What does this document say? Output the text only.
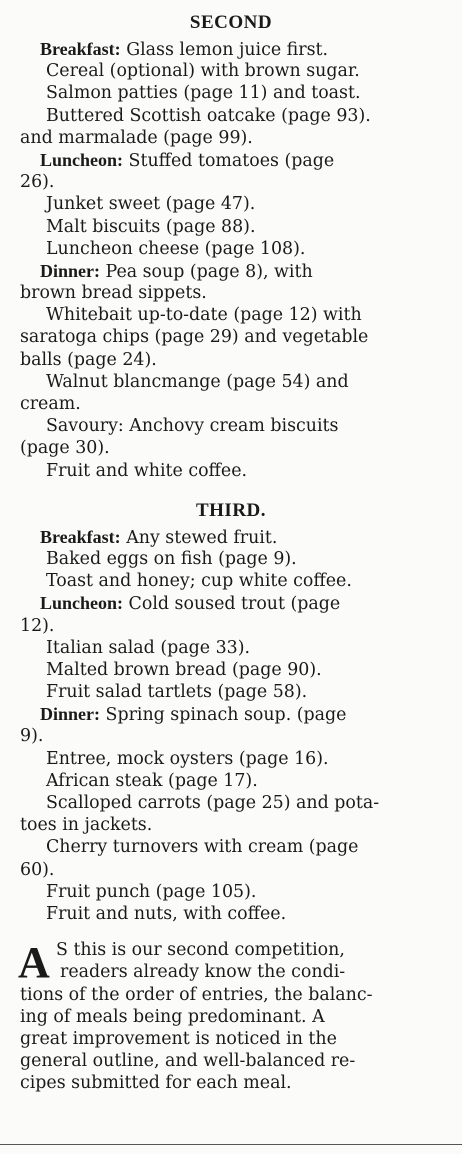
SECOND
Breakfast: Glass lemon juice first.
Cereal (optional) with brown sugar.
Salmon patties (page 11) and toast.
Buttered Scottish oatcake (page 93).
and marmalade (page 99).
Luncheon: Stuffed tomatoes (page
26).
Junket sweet (page 47).
Malt biscuits (page 88).
Luncheon cheese (page 108).
Dinner: Pea soup (page 8), with
brown bread sippets.
Whitebait up-to-date (page 12) with
saratoga chips (page 29) and vegetable
balls (page 24).
Walnut blancmange (page 54) and
cream.
Savoury: Anchovy cream biscuits
(page 30).
Fruit and white coffee.
THIRD.
Breakfast: Any stewed fruit.
Baked eggs on fish (page 9).
Toast and honey; cup white coffee.
Luncheon: Cold soused trout (page
12).
Italian salad (page 33).
Malted brown bread (page 90).
Fruit salad tartlets (page 58).
Dinner: Spring spinach soup. (page
9).
Entree, mock oysters (page 16).
African steak (page 17).
Scalloped carrots (page 25) and pota-
toes in jackets.
Cherry turnovers with cream (page
60).
Fruit punch (page 105).
Fruit and nuts, with coffee.
A S this is our second competition,
readers already know the condi-
tions of the order of entries, the balanc-
ing of meals being predominant. A
great improvement is noticed in the
general outline, and well-balanced re-
cipes submitted for each meal.
